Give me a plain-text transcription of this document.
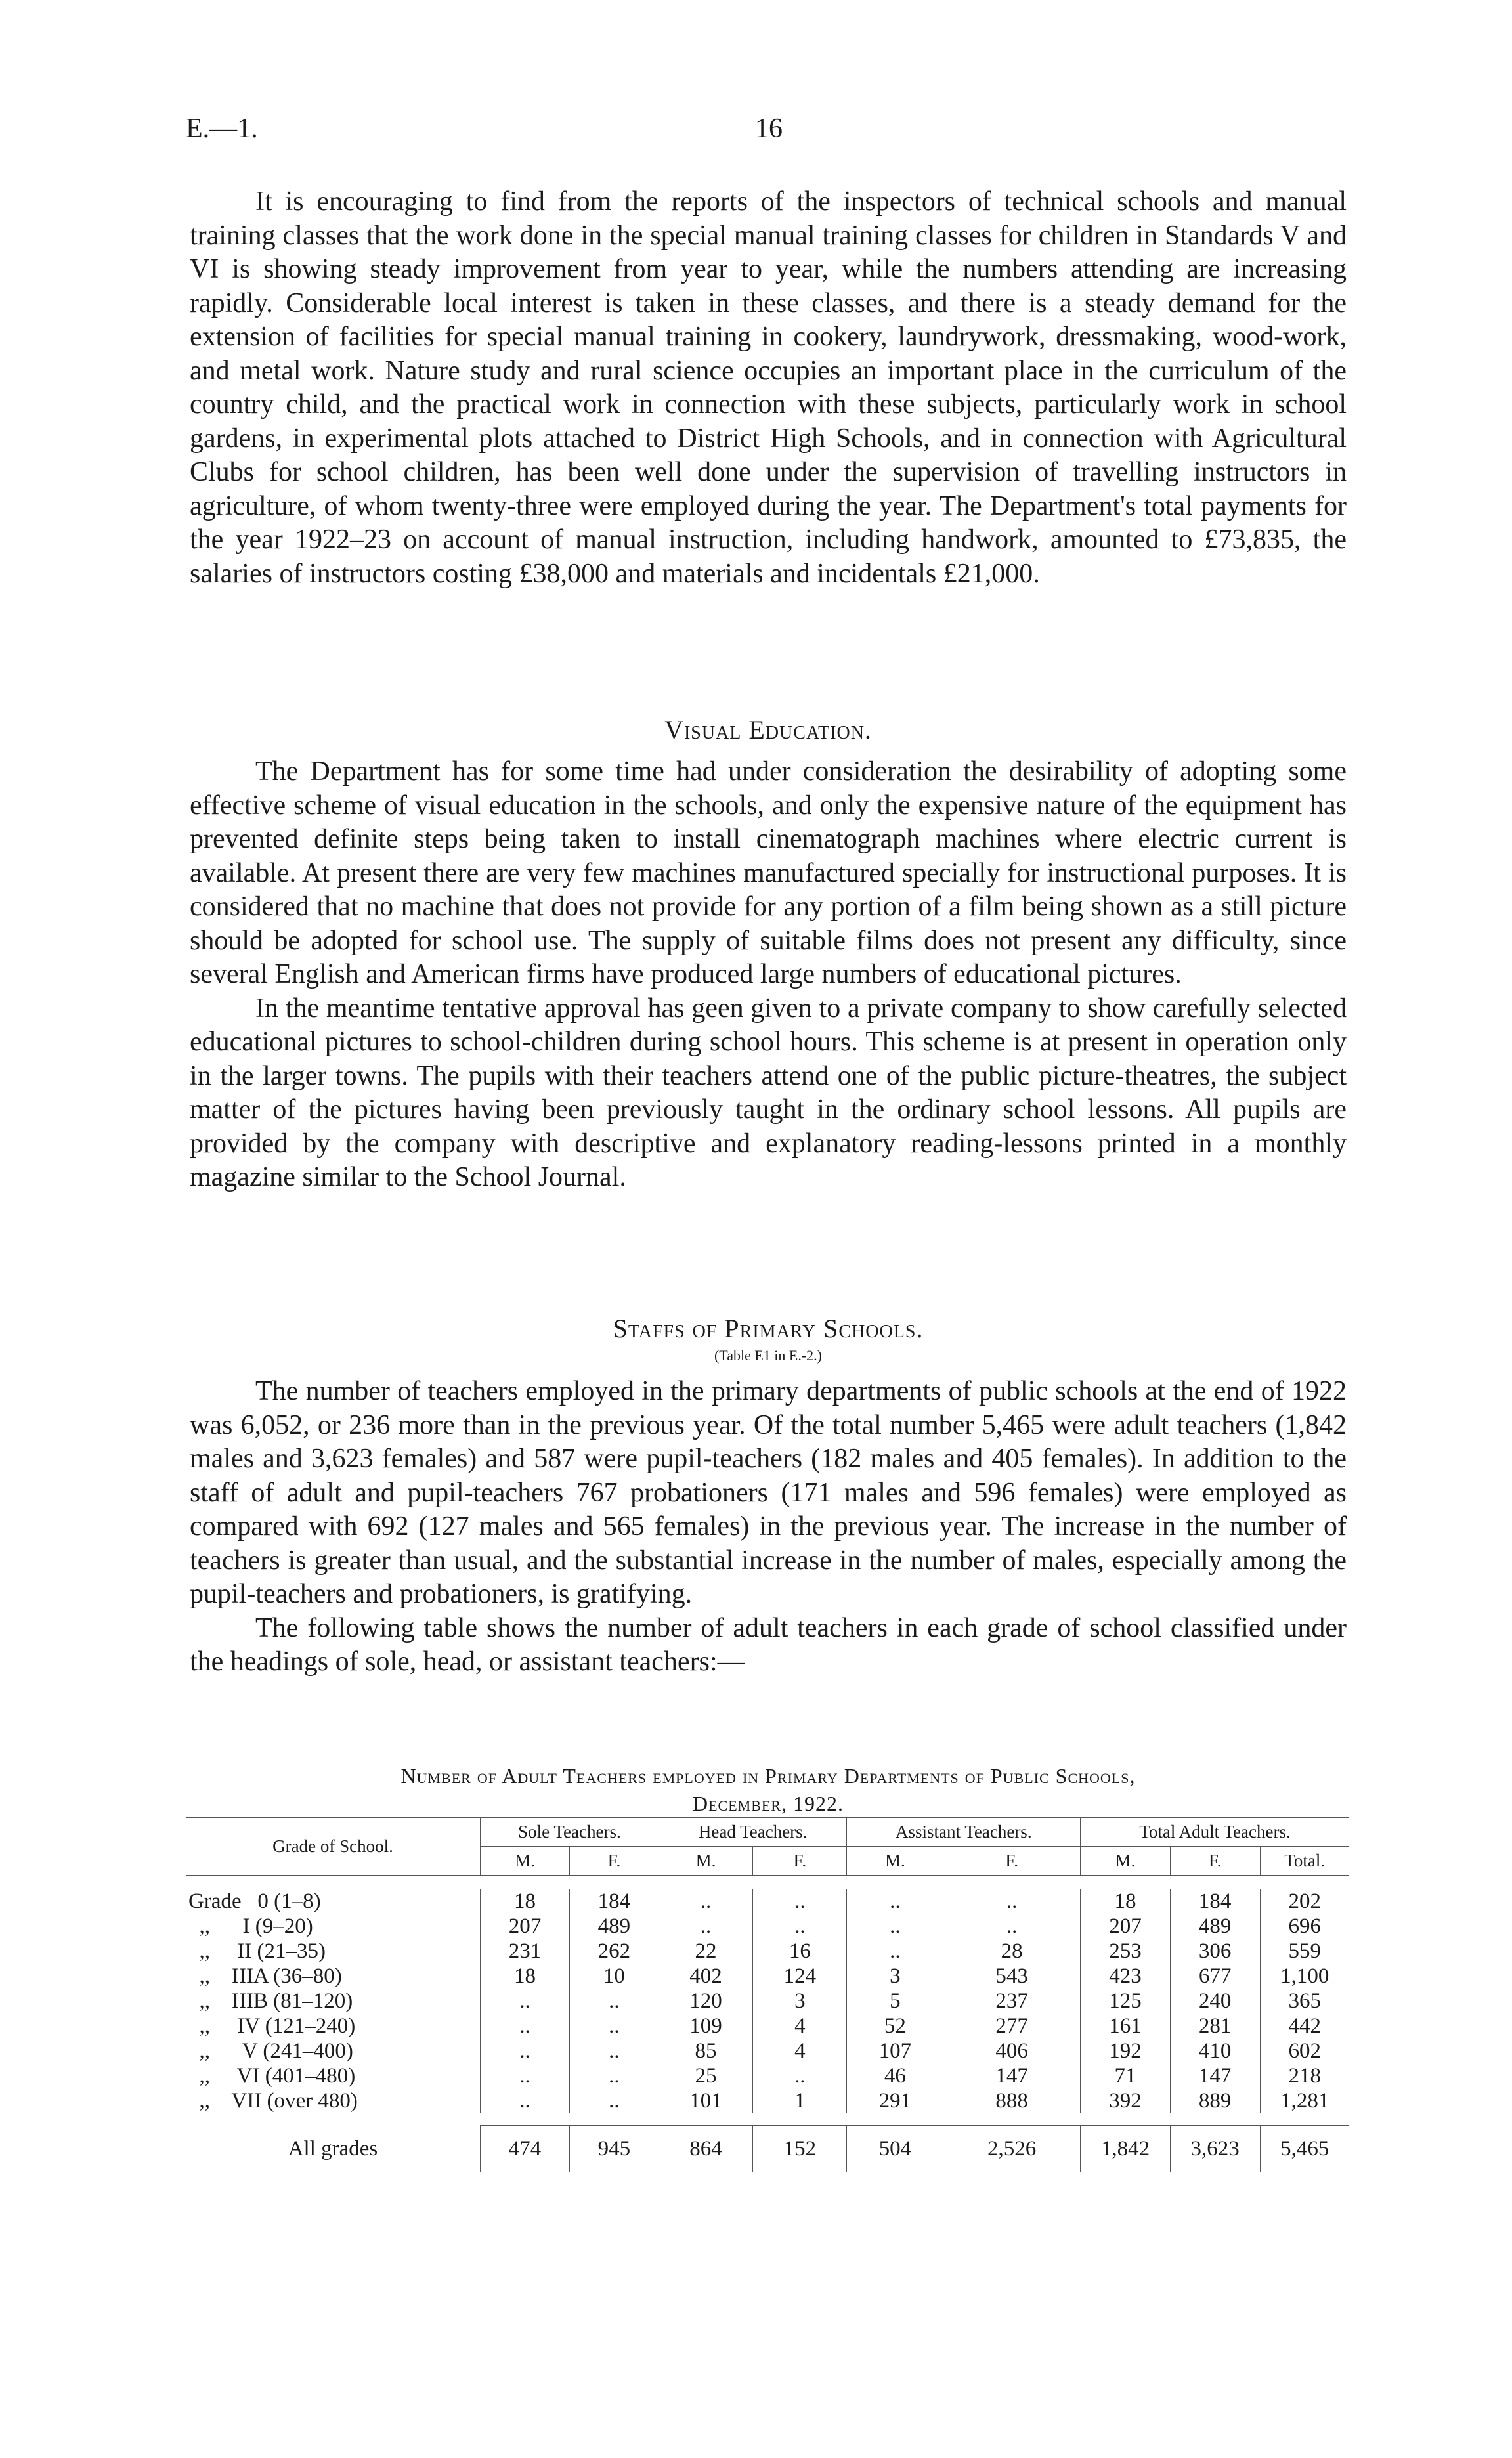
E.—1.	16

It is encouraging to find from the reports of the inspectors of technical schools and manual training classes that the work done in the special manual training classes for children in Standards V and VI is showing steady improvement from year to year, while the numbers attending are increasing rapidly. Considerable local interest is taken in these classes, and there is a steady demand for the extension of facilities for special manual training in cookery, laundrywork, dressmaking, wood-work, and metal work. Nature study and rural science occupies an important place in the curriculum of the country child, and the practical work in connection with these subjects, particularly work in school gardens, in experimental plots attached to District High Schools, and in connection with Agricultural Clubs for school children, has been well done under the supervision of travelling instructors in agriculture, of whom twenty-three were employed during the year. The Department's total payments for the year 1922–23 on account of manual instruction, including handwork, amounted to £73,835, the salaries of instructors costing £38,000 and materials and incidentals £21,000.

Visual Education.

The Department has for some time had under consideration the desirability of adopting some effective scheme of visual education in the schools, and only the expensive nature of the equipment has prevented definite steps being taken to install cinematograph machines where electric current is available. At present there are very few machines manufactured specially for instructional purposes. It is considered that no machine that does not provide for any portion of a film being shown as a still picture should be adopted for school use. The supply of suitable films does not present any difficulty, since several English and American firms have produced large numbers of educational pictures.

In the meantime tentative approval has geen given to a private company to show carefully selected educational pictures to school-children during school hours. This scheme is at present in operation only in the larger towns. The pupils with their teachers attend one of the public picture-theatres, the subject matter of the pictures having been previously taught in the ordinary school lessons. All pupils are provided by the company with descriptive and explanatory reading-lessons printed in a monthly magazine similar to the School Journal.

Staffs of Primary Schools.
(Table E1 in E.-2.)

The number of teachers employed in the primary departments of public schools at the end of 1922 was 6,052, or 236 more than in the previous year. Of the total number 5,465 were adult teachers (1,842 males and 3,623 females) and 587 were pupil-teachers (182 males and 405 females). In addition to the staff of adult and pupil-teachers 767 probationers (171 males and 596 females) were employed as compared with 692 (127 males and 565 females) in the previous year. The increase in the number of teachers is greater than usual, and the substantial increase in the number of males, especially among the pupil-teachers and probationers, is gratifying.

The following table shows the number of adult teachers in each grade of school classified under the headings of sole, head, or assistant teachers:—

Number of Adult Teachers employed in Primary Departments of Public Schools,
December, 1922.
Grade of School.	Sole Teachers.		Head Teachers.		Assistant Teachers.		Total Adult Teachers.		
	M.	F.	M.	F.	M.	F.	M.	F.	Total.

Grade   0 (1–8)	18	184	..	..	..	..	18	184	202
,,      I (9–20)	207	489	..	..	..	..	207	489	696
,,     II (21–35)	231	262	22	16	..	28	253	306	559
,,    IIIA (36–80)	18	10	402	124	3	543	423	677	1,100
,,    IIIB (81–120)	..	..	120	3	5	237	125	240	365
,,     IV (121–240)	..	..	109	4	52	277	161	281	442
,,      V (241–400)	..	..	85	4	107	406	192	410	602
,,     VI (401–480)	..	..	25	..	46	147	71	147	218
,,    VII (over 480)	..	..	101	1	291	888	392	889	1,281

All grades	474	945	864	152	504	2,526	1,842	3,623	5,465
